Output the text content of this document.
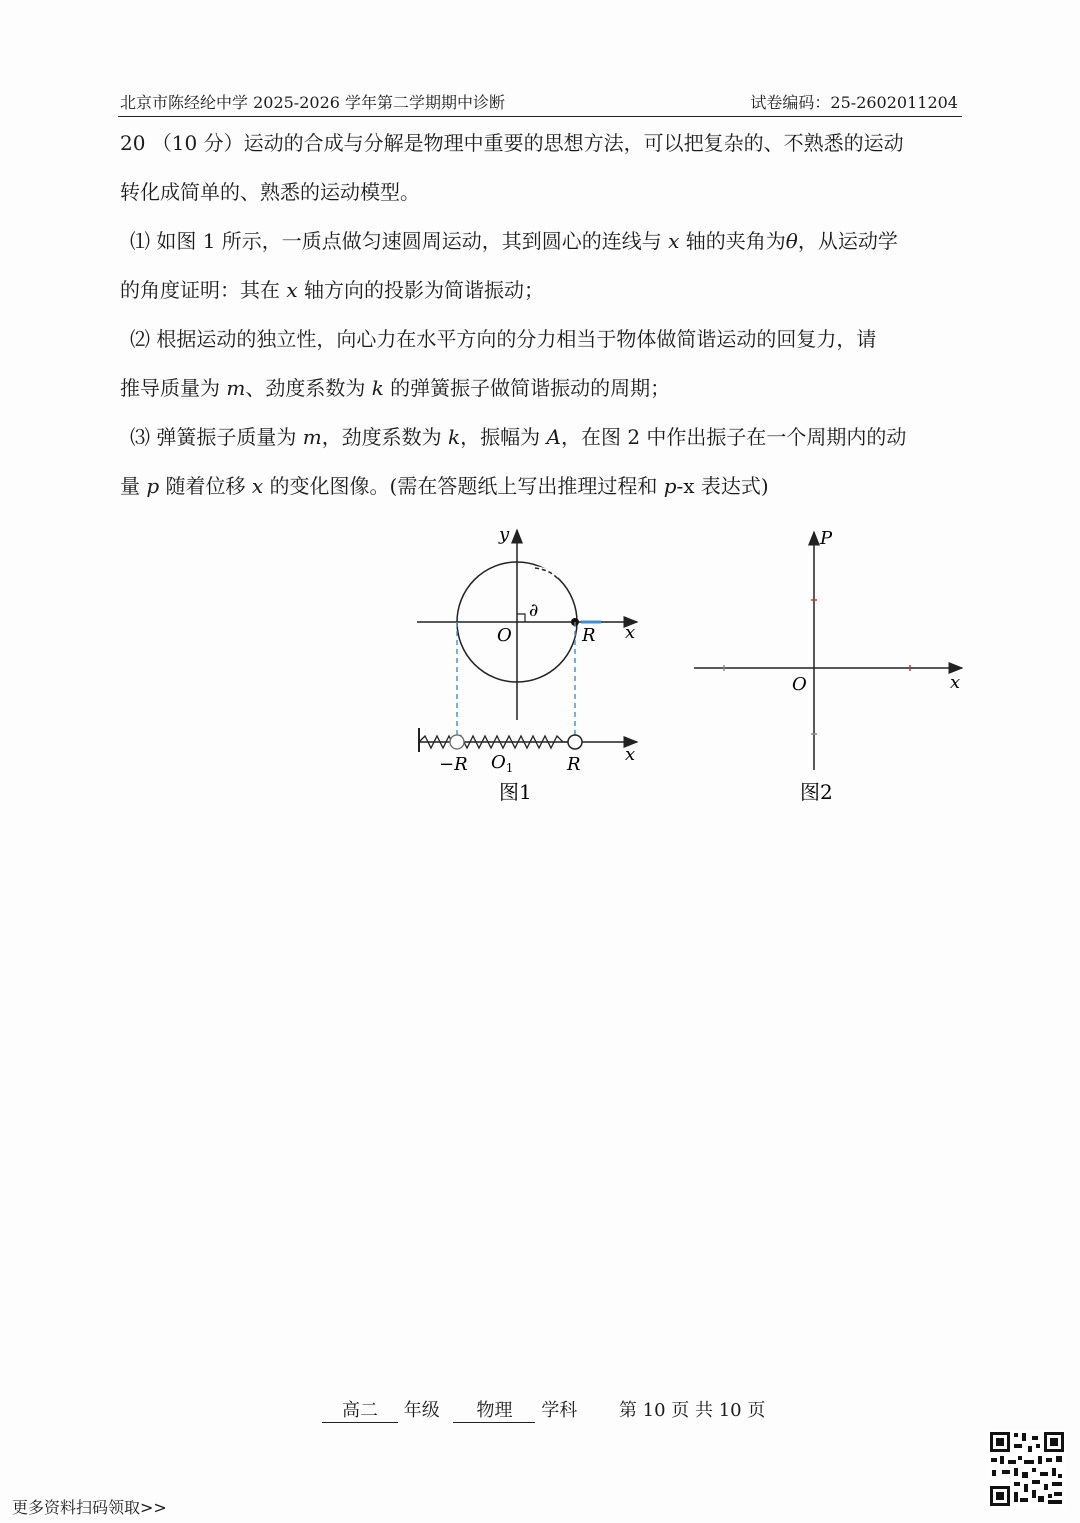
北京市陈经纶中学 2025-2026 学年第二学期期中诊断	试卷编码：25-2602011204
20 （10 分）运动的合成与分解是物理中重要的思想方法，可以把复杂的、不熟悉的运动
转化成简单的、熟悉的运动模型。
⑴ 如图 1 所示，一质点做匀速圆周运动，其到圆心的连线与 x 轴的夹角为θ，从运动学
的角度证明：其在 x 轴方向的投影为简谐振动；
⑵ 根据运动的独立性，向心力在水平方向的分力相当于物体做简谐运动的回复力，请
推导质量为 m、劲度系数为 k 的弹簧振子做简谐振动的周期；
⑶ 弹簧振子质量为 m，劲度系数为 k，振幅为 A，在图 2 中作出振子在一个周期内的动
量 p 随着位移 x 的变化图像。(需在答题纸上写出推理过程和 p-x 表达式)
y
x
O
∂
R
−R $O_1$	R x
图1
P
O	x
图2
高二 年级 物理 学科 第 10 页 共 10 页
更多资料扫码领取>>
